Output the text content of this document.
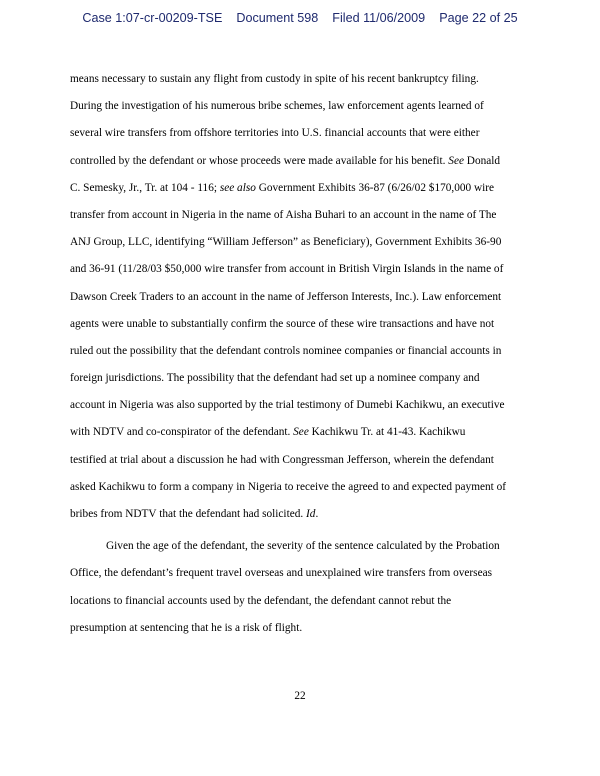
Case 1:07-cr-00209-TSE Document 598 Filed 11/06/2009 Page 22 of 25
means necessary to sustain any flight from custody in spite of his recent bankruptcy filing.
During the investigation of his numerous bribe schemes, law enforcement agents learned of
several wire transfers from offshore territories into U.S. financial accounts that were either
controlled by the defendant or whose proceeds were made available for his benefit. See Donald
C. Semesky, Jr., Tr. at 104 - 116; see also Government Exhibits 36-87 (6/26/02 $170,000 wire
transfer from account in Nigeria in the name of Aisha Buhari to an account in the name of The
ANJ Group, LLC, identifying “William Jefferson” as Beneficiary), Government Exhibits 36-90
and 36-91 (11/28/03 $50,000 wire transfer from account in British Virgin Islands in the name of
Dawson Creek Traders to an account in the name of Jefferson Interests, Inc.). Law enforcement
agents were unable to substantially confirm the source of these wire transactions and have not
ruled out the possibility that the defendant controls nominee companies or financial accounts in
foreign jurisdictions. The possibility that the defendant had set up a nominee company and
account in Nigeria was also supported by the trial testimony of Dumebi Kachikwu, an executive
with NDTV and co-conspirator of the defendant. See Kachikwu Tr. at 41-43. Kachikwu
testified at trial about a discussion he had with Congressman Jefferson, wherein the defendant
asked Kachikwu to form a company in Nigeria to receive the agreed to and expected payment of
bribes from NDTV that the defendant had solicited. Id.
Given the age of the defendant, the severity of the sentence calculated by the Probation
Office, the defendant’s frequent travel overseas and unexplained wire transfers from overseas
locations to financial accounts used by the defendant, the defendant cannot rebut the
presumption at sentencing that he is a risk of flight.
22
